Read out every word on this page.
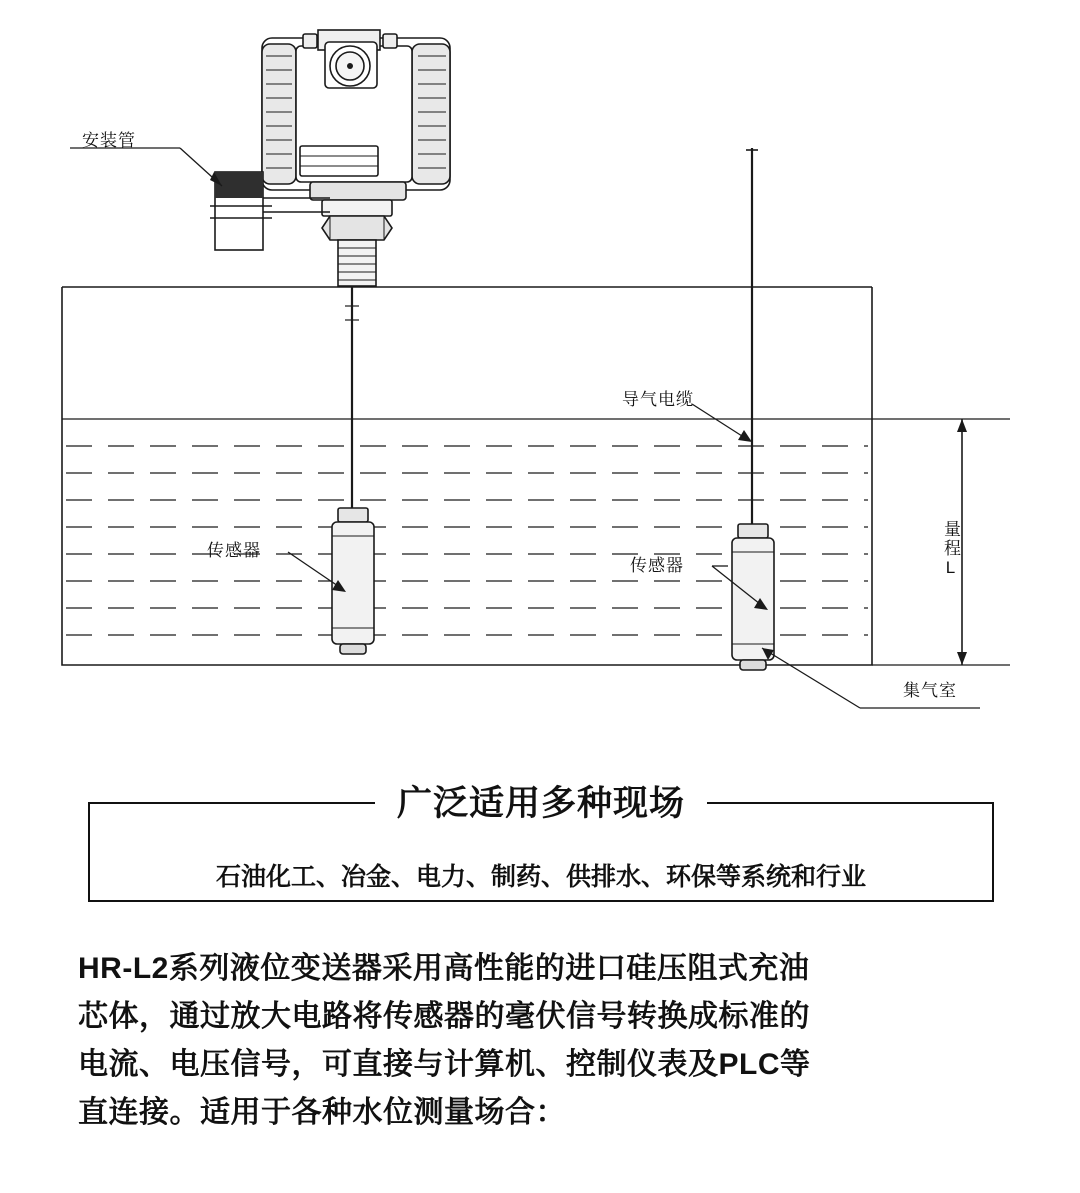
安装管
导气电缆
传感器
传感器
集气室
量程L
广泛适用多种现场
石油化工、冶金、电力、制药、供排水、环保等系统和行业

HR-L2系列液位变送器采用高性能的进口硅压阻式充油

芯体，通过放大电路将传感器的毫伏信号转换成标准的

电流、电压信号，可直接与计算机、控制仪表及PLC等

直连接。适用于各种水位测量场合：
